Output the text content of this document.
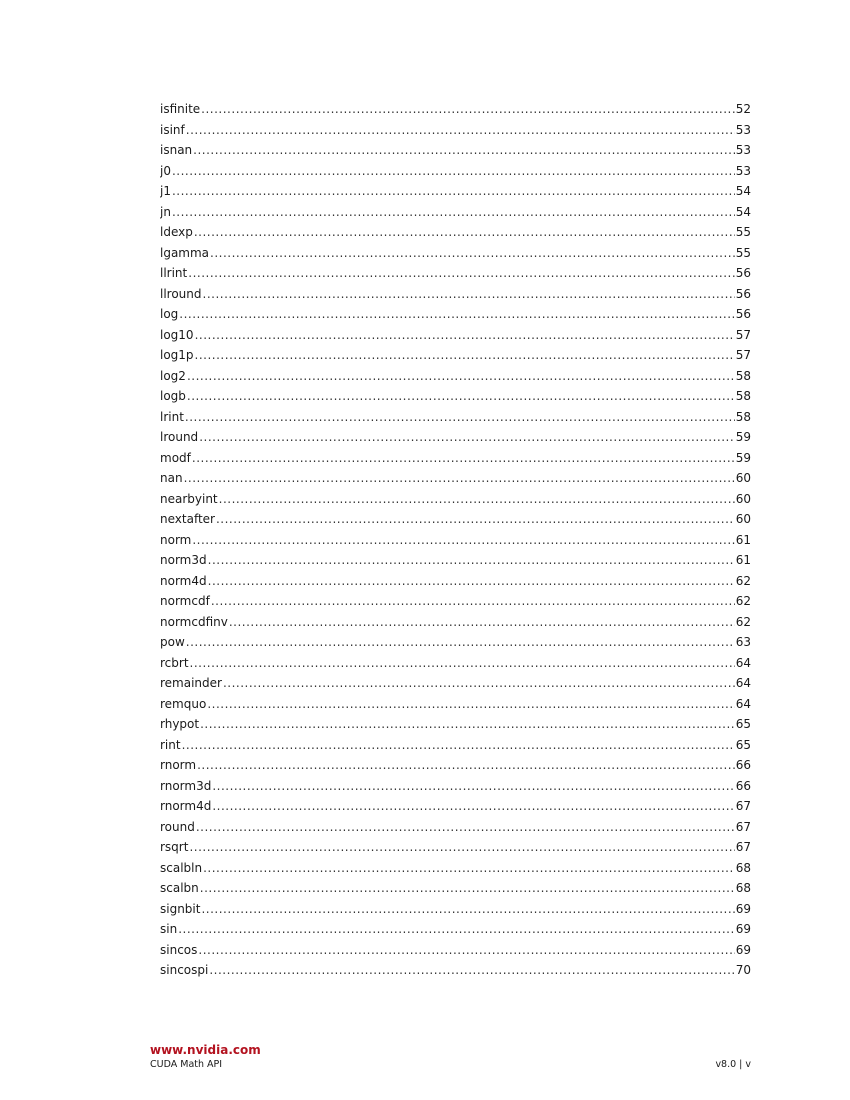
isfinite .....	52
isinf .....	53
isnan .....	53
j0 .....	53
j1 .....	54
jn .....	54
ldexp .....	55
lgamma .....	55
llrint .....	56
llround .....	56
log .....	56
log10 .....	57
log1p .....	57
log2 .....	58
logb .....	58
lrint .....	58
lround .....	59
modf .....	59
nan .....	60
nearbyint .....	60
nextafter .....	60
norm .....	61
norm3d .....	61
norm4d .....	62
normcdf .....	62
normcdfinv .....	62
pow .....	63
rcbrt .....	64
remainder .....	64
remquo .....	64
rhypot .....	65
rint .....	65
rnorm .....	66
rnorm3d .....	66
rnorm4d .....	67
round .....	67
rsqrt .....	67
scalbln .....	68
scalbn .....	68
signbit .....	69
sin .....	69
sincos .....	69
sincospi .....	70
www.nvidia.com
CUDA Math API	v8.0 | v
